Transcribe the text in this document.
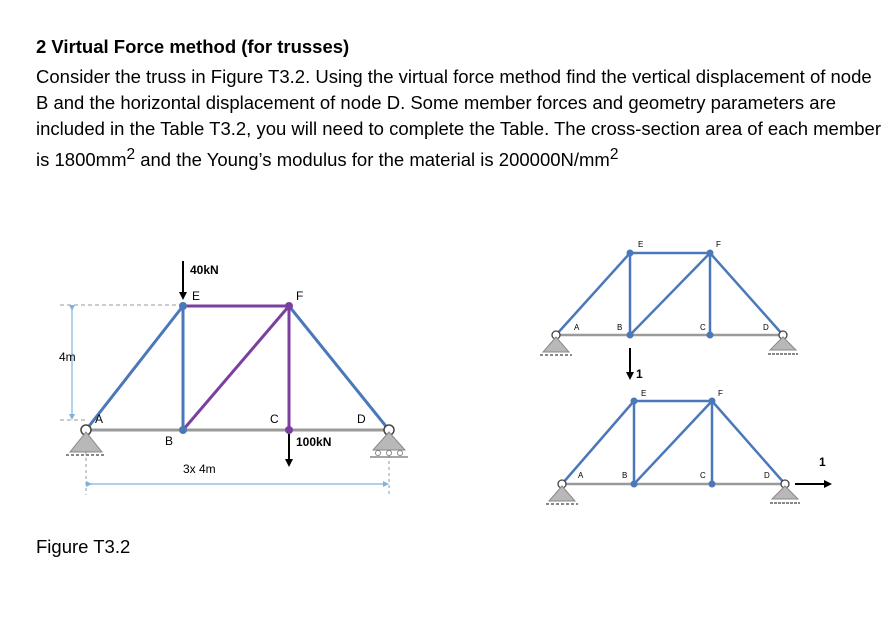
2 Virtual Force method (for trusses)
Consider the truss in Figure T3.2. Using the virtual force method find the vertical displacement of node B and the horizontal displacement of node D. Some member forces and geometry parameters are included in the Table T3.2, you will need to complete the Table. The cross-section area of each member is $1800mm^2$ and the Young’s modulus for the material is $200000N/mm^2$
Figure T3.2
4m
3x 4m
40kN
100kN
A
B
C	D
E	F
1
A	B	C	D
E	F
1
A	B	C	D
E	F
